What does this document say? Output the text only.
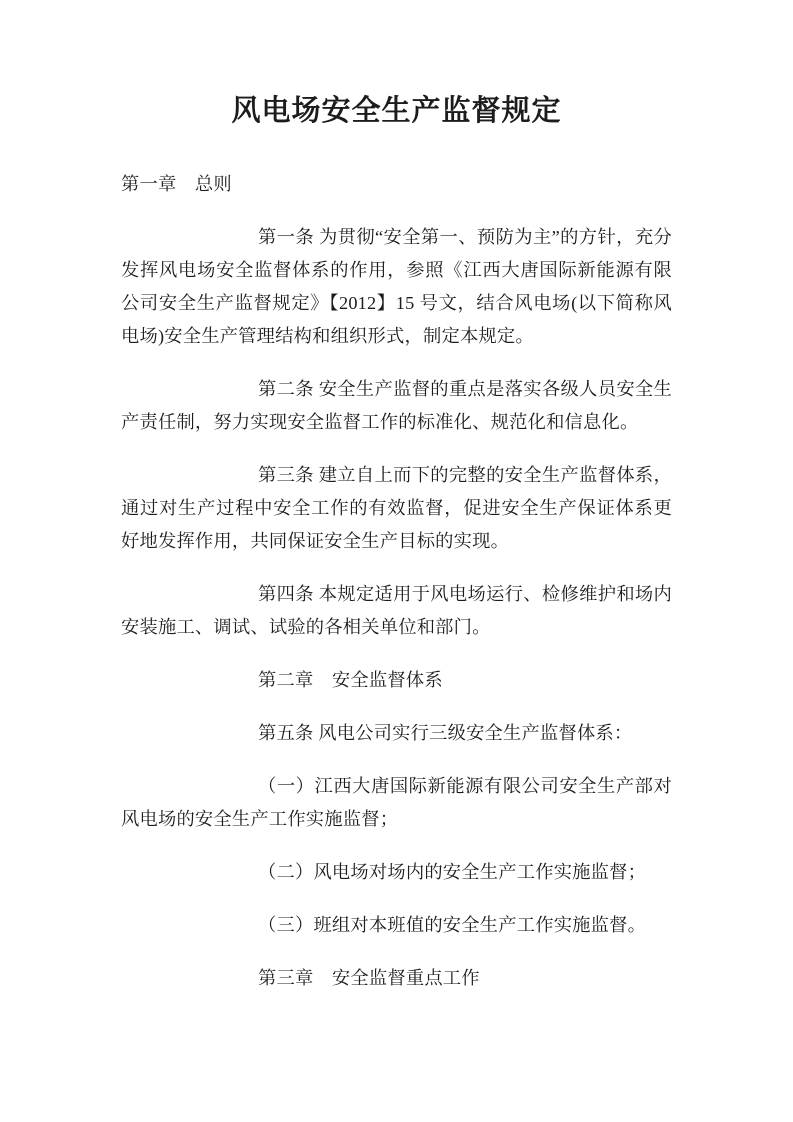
风电场安全生产监督规定

第一章　总则

第一条 为贯彻“安全第一、预防为主”的方针，充分发挥风电场安全监督体系的作用，参照《江西大唐国际新能源有限公司安全生产监督规定》【2012】15 号文，结合风电场(以下简称风电场)安全生产管理结构和组织形式，制定本规定。

第二条 安全生产监督的重点是落实各级人员安全生产责任制，努力实现安全监督工作的标准化、规范化和信息化。

第三条 建立自上而下的完整的安全生产监督体系，通过对生产过程中安全工作的有效监督，促进安全生产保证体系更好地发挥作用，共同保证安全生产目标的实现。

第四条 本规定适用于风电场运行、检修维护和场内安装施工、调试、试验的各相关单位和部门。

第二章　安全监督体系

第五条 风电公司实行三级安全生产监督体系：

（一）江西大唐国际新能源有限公司安全生产部对风电场的安全生产工作实施监督；

（二）风电场对场内的安全生产工作实施监督；

（三）班组对本班值的安全生产工作实施监督。

第三章　安全监督重点工作
